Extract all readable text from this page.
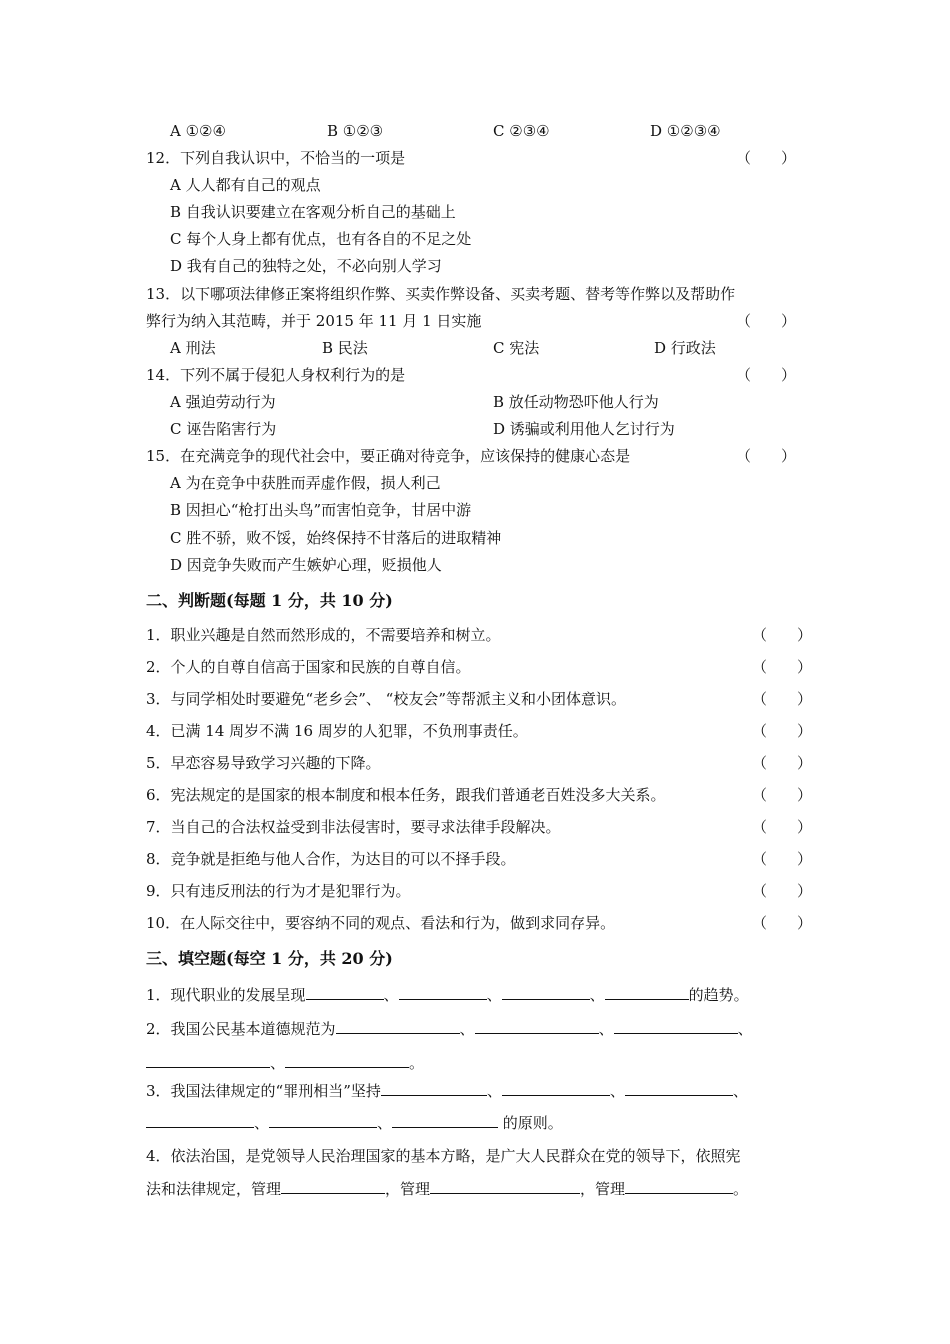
A ①②④	B ①②③	C ②③④	D ①②③④
12．下列自我认识中，不恰当的一项是	（　　）
A 人人都有自己的观点
B 自我认识要建立在客观分析自己的基础上
C 每个人身上都有优点，也有各自的不足之处
D 我有自己的独特之处，不必向别人学习
13．以下哪项法律修正案将组织作弊、买卖作弊设备、买卖考题、替考等作弊以及帮助作
弊行为纳入其范畴，并于 2015 年 11 月 1 日实施	（　　）
A 刑法	B 民法	C 宪法	D 行政法
14．下列不属于侵犯人身权利行为的是	（　　）
A 强迫劳动行为	B 放任动物恐吓他人行为
C 诬告陷害行为	D 诱骗或利用他人乞讨行为
15．在充满竞争的现代社会中，要正确对待竞争，应该保持的健康心态是	（　　）
A 为在竞争中获胜而弄虚作假，损人利己
B 因担心“枪打出头鸟”而害怕竞争，甘居中游
C 胜不骄，败不馁，始终保持不甘落后的进取精神
D 因竞争失败而产生嫉妒心理，贬损他人
二、判断题(每题 1 分，共 10 分)
1．职业兴趣是自然而然形成的，不需要培养和树立。	（　　）
2．个人的自尊自信高于国家和民族的自尊自信。	（　　）
3．与同学相处时要避免“老乡会”、 “校友会”等帮派主义和小团体意识。	（　　）
4．已满 14 周岁不满 16 周岁的人犯罪，不负刑事责任。	（　　）
5．早恋容易导致学习兴趣的下降。	（　　）
6．宪法规定的是国家的根本制度和根本任务，跟我们普通老百姓没多大关系。	（　　）
7．当自己的合法权益受到非法侵害时，要寻求法律手段解决。	（　　）
8．竞争就是拒绝与他人合作，为达目的可以不择手段。	（　　）
9．只有违反刑法的行为才是犯罪行为。	（　　）
10．在人际交往中，要容纳不同的观点、看法和行为，做到求同存异。	（　　）
三、填空题(每空 1 分，共 20 分)
1．现代职业的发展呈现	、	、	、	的趋势。
2．我国公民基本道德规范为	、	、	、
、	。
3．我国法律规定的“罪刑相当”坚持	、	、	、
、	、	的原则。
4．依法治国，是党领导人民治理国家的基本方略，是广大人民群众在党的领导下，依照宪
法和法律规定，管理	，管理	，管理	。
